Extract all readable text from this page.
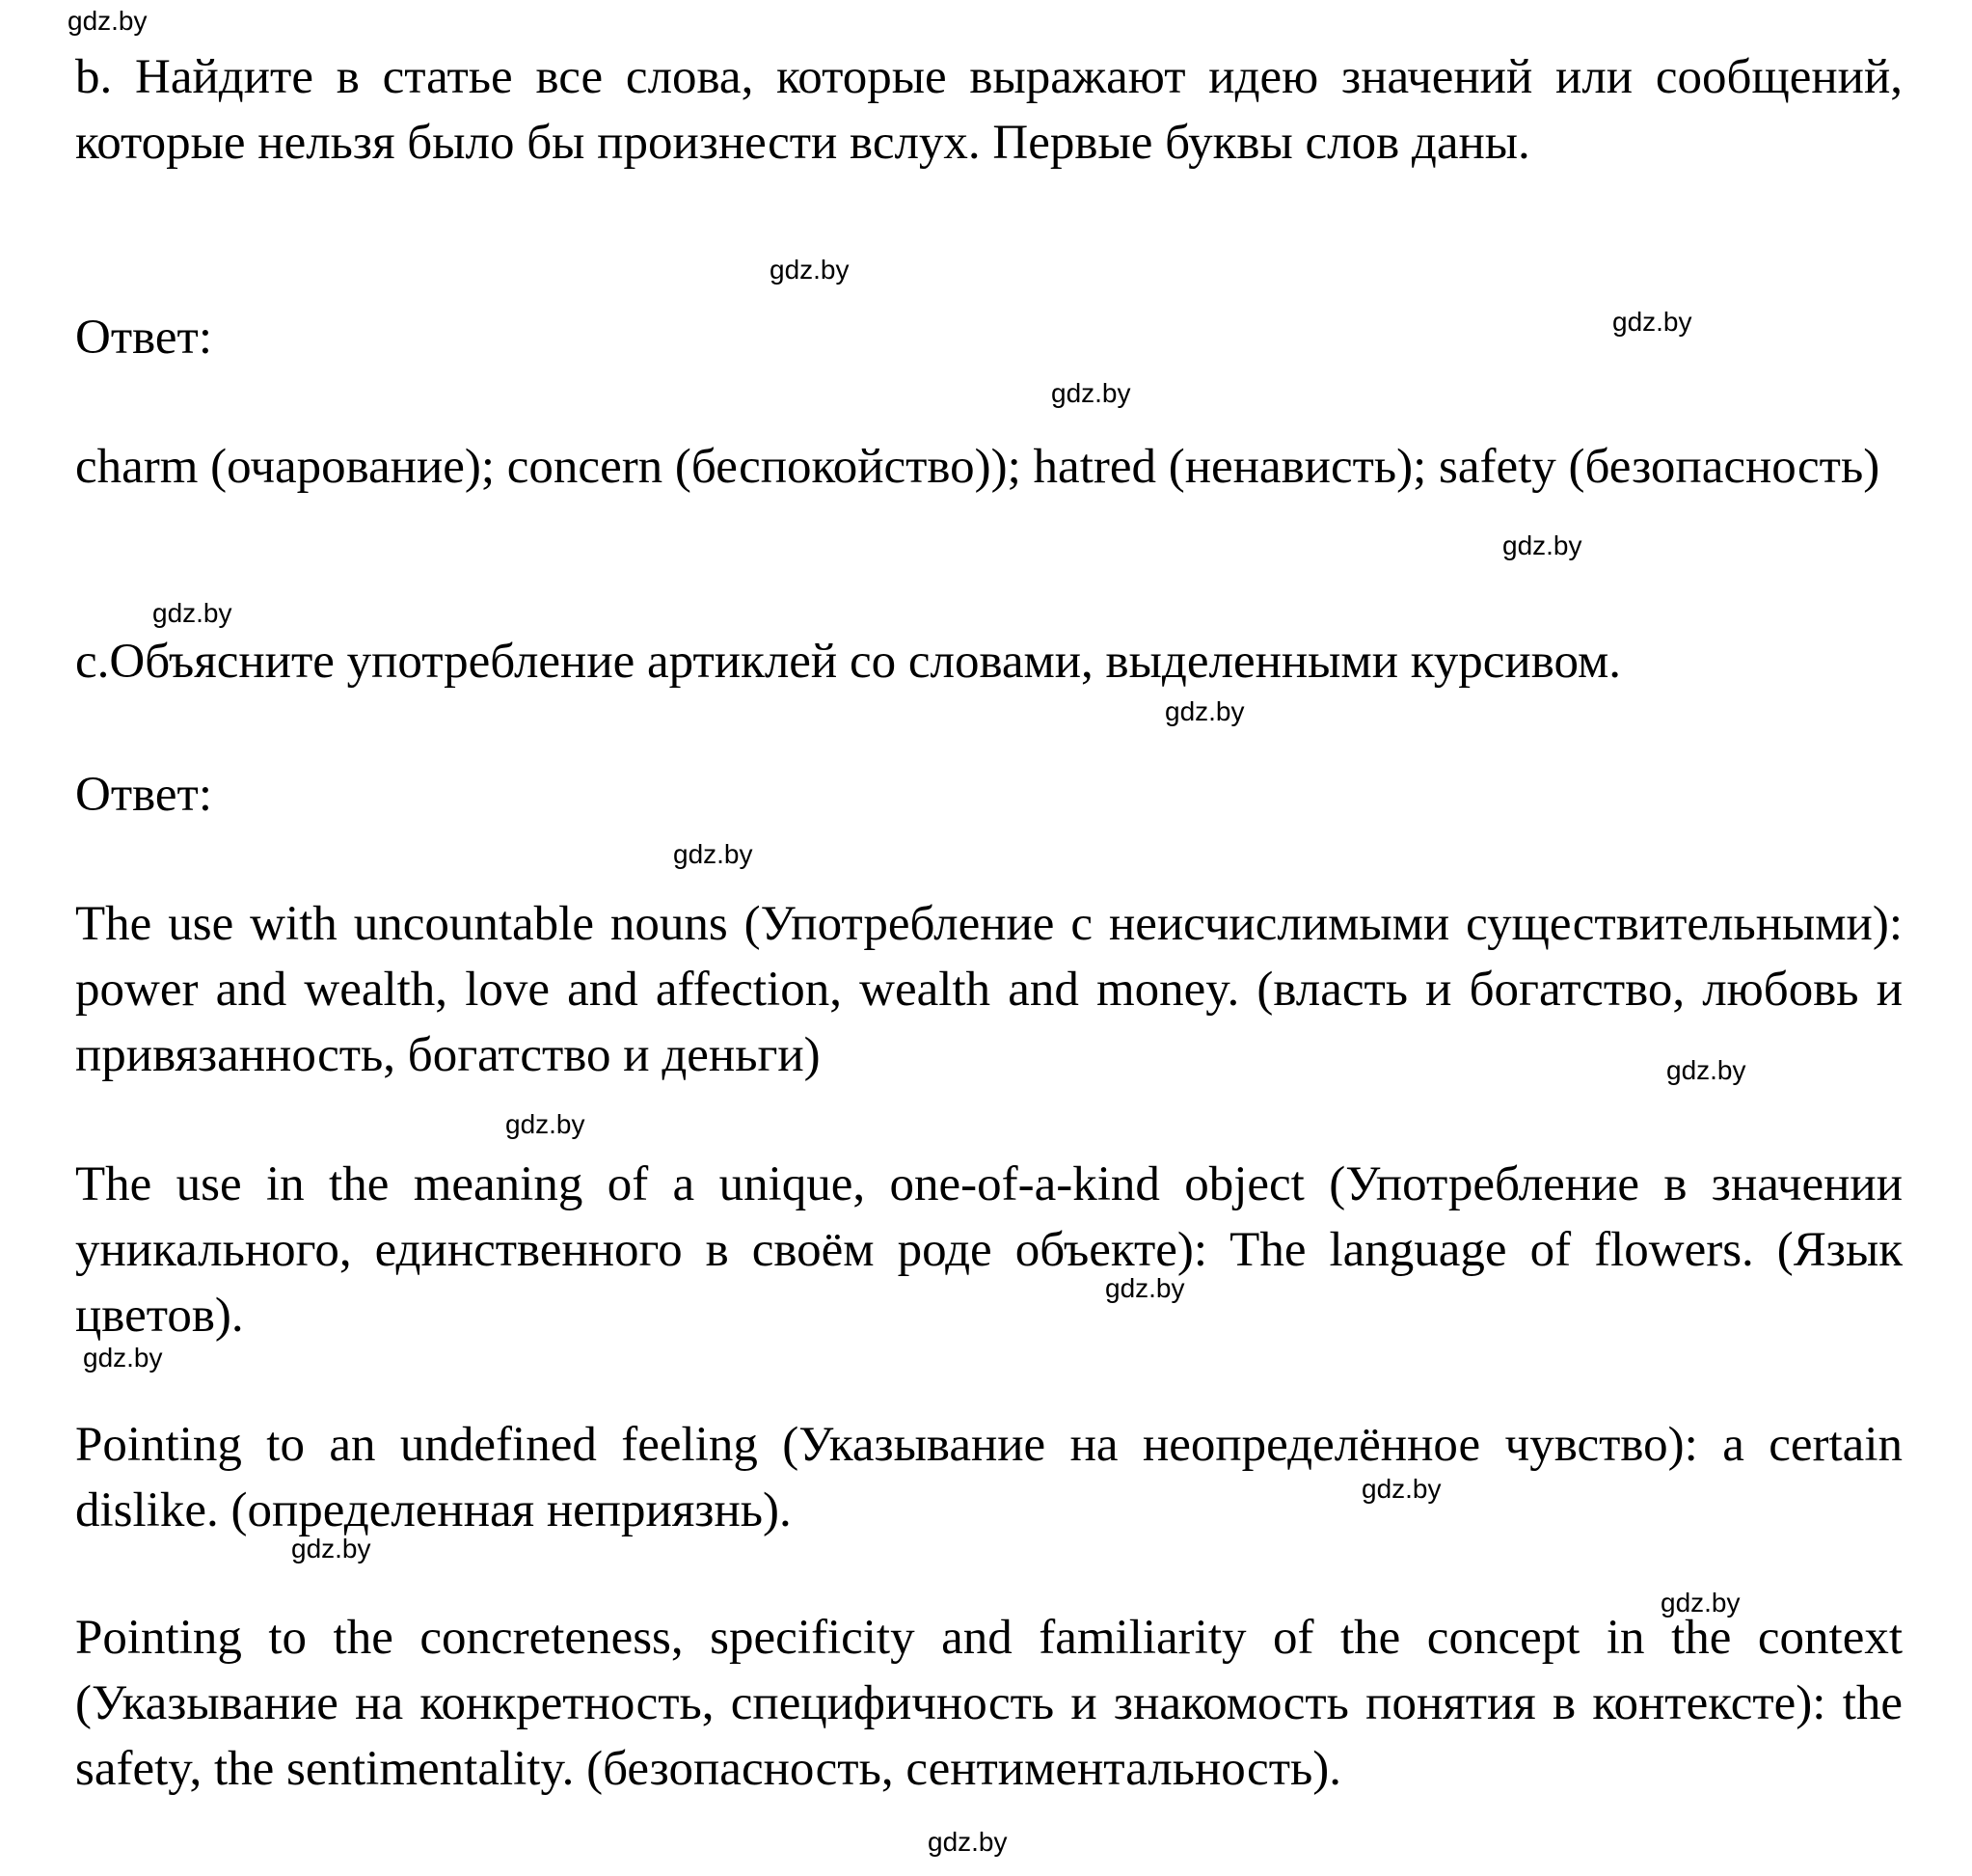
gdz.by
gdz.by
gdz.by
gdz.by
gdz.by
gdz.by
gdz.by
gdz.by
gdz.by
gdz.by
gdz.by
gdz.by
gdz.by
gdz.by
gdz.by
gdz.by

b. Найдите в статье все слова, которые выражают идею значений или сообщений, которые нельзя было бы произнести вслух. Первые буквы слов даны.

Ответ:

charm (очарование); concern (беспокойство)); hatred (ненависть); safety (безопасность)

c.Объясните употребление артиклей со словами, выделенными курсивом.

Ответ:

The use with uncountable nouns (Употребление с неисчислимыми существительными): power and wealth, love and affection, wealth and money. (власть и богатство, любовь и привязанность, богатство и деньги)

The use in the meaning of a unique, one-of-a-kind object (Употребление в значении уникального, единственного в своём роде объекте): The language of flowers. (Язык цветов).

Pointing to an undefined feeling (Указывание на неопределённое чувство): a certain dislike. (определенная неприязнь).

Pointing to the concreteness, specificity and familiarity of the concept in the context (Указывание на конкретность, специфичность и знакомость понятия в контексте): the safety, the sentimentality. (безопасность, сентиментальность).
